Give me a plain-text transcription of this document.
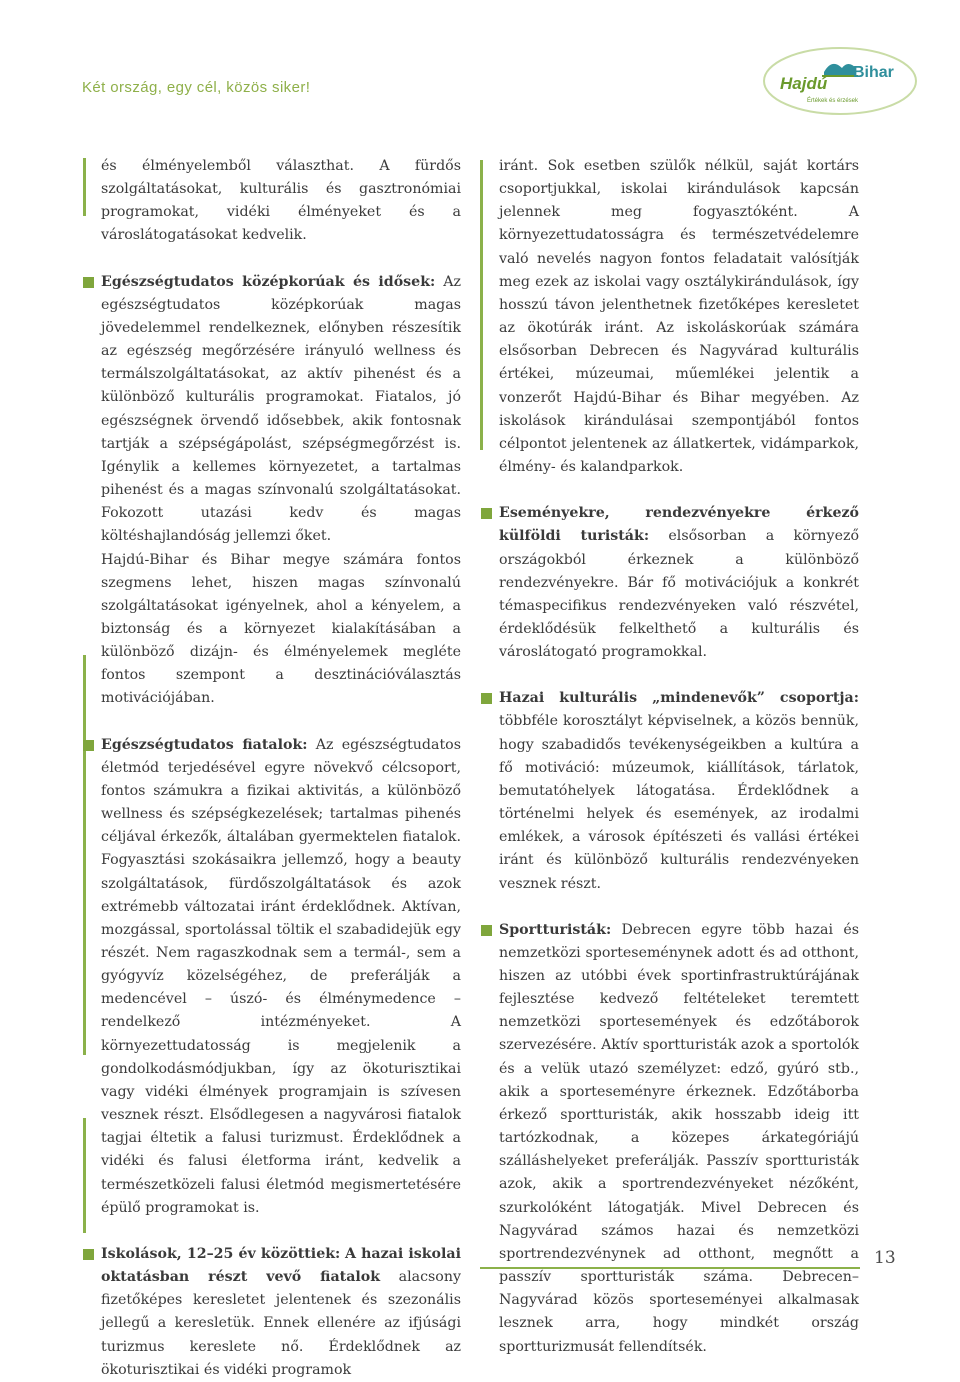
Két ország, egy cél, közös siker!	Hajdú
Bihar
Értékek és érzések

és élményelemből választhat. A fürdős szolgáltatásokat, kulturális és gasztronómiai programokat, vidéki élményeket és a városlátogatásokat kedvelik.

Egészségtudatos középkorúak és idősek: Az egészségtudatos középkorúak magas jövedelemmel rendelkeznek, előnyben részesítik az egészség megőrzésére irányuló wellness és termálszolgáltatásokat, az aktív pihenést és a különböző kulturális programokat. Fiatalos, jó egészségnek örvendő idősebbek, akik fontosnak tartják a szépségápolást, szépségmegőrzést is. Igénylik a kellemes környezetet, a tartalmas pihenést és a magas színvonalú szolgáltatásokat. Fokozott utazási kedv és magas költéshajlandóság jellemzi őket.

Hajdú-Bihar és Bihar megye számára fontos szegmens lehet, hiszen magas színvonalú szolgáltatásokat igényelnek, ahol a kényelem, a biztonság és a környezet kialakításában a különböző dizájn- és élményelemek megléte fontos szempont a desztinációválasztás motivációjában.

Egészségtudatos fiatalok: Az egészségtudatos életmód terjedésével egyre növekvő célcsoport, fontos számukra a fizikai aktivitás, a különböző wellness és szépségkezelések; tartalmas pihenés céljával érkezők, általában gyermektelen fiatalok. Fogyasztási szokásaikra jellemző, hogy a beauty szolgáltatások, fürdőszolgáltatások és azok extrémebb változatai iránt érdeklődnek. Aktívan, mozgással, sportolással töltik el szabadidejük egy részét. Nem ragaszkodnak sem a termál-, sem a gyógyvíz közelségéhez, de preferálják a medencével – úszó- és élménymedence – rendelkező intézményeket. A környezettudatosság is megjelenik a gondolkodásmódjukban, így az ökoturisztikai vagy vidéki élmények programjain is szívesen vesznek részt. Elsődlegesen a nagyvárosi fiatalok tagjai éltetik a falusi turizmust. Érdeklődnek a vidéki és falusi életforma iránt, kedvelik a természetközeli falusi életmód megismertetésére épülő programokat is.

Iskolások, 12–25 év közöttiek: A hazai iskolai oktatásban részt vevő fiatalok alacsony fizetőképes keresletet jelentenek és szezonális jellegű a keresletük. Ennek ellenére az ifjúsági turizmus kereslete nő. Érdeklődnek az ökoturisztikai és vidéki programok

iránt. Sok esetben szülők nélkül, saját kortárs csoportjukkal, iskolai kirándulások kapcsán jelennek meg fogyasztóként. A környezettudatosságra és természetvédelemre való nevelés nagyon fontos feladatait valósítják meg ezek az iskolai vagy osztálykirándulások, így hosszú távon jelenthetnek fizetőképes keresletet az ökotúrák iránt. Az iskoláskorúak számára elsősorban Debrecen és Nagyvárad kulturális értékei, múzeumai, műemlékei jelentik a vonzerőt Hajdú-Bihar és Bihar megyében. Az iskolások kirándulásai szempontjából fontos célpontot jelentenek az állatkertek, vidámparkok, élmény- és kalandparkok.

Eseményekre, rendezvényekre érkező külföldi turisták: elsősorban a környező országokból érkeznek a különböző rendezvényekre. Bár fő motivációjuk a konkrét témaspecifikus rendezvényeken való részvétel, érdeklődésük felkelthető a kulturális és városlátogató programokkal.

Hazai kulturális „mindenevők” csoportja: többféle korosztályt képviselnek, a közös bennük, hogy szabadidős tevékenységeikben a kultúra a fő motiváció: múzeumok, kiállítások, tárlatok, bemutatóhelyek látogatása. Érdeklődnek a történelmi helyek és események, az irodalmi emlékek, a városok építészeti és vallási értékei iránt és különböző kulturális rendezvényeken vesznek részt.

Sportturisták: Debrecen egyre több hazai és nemzetközi sporteseménynek adott és ad otthont, hiszen az utóbbi évek sportinfrastruktúrájának fejlesztése kedvező feltételeket teremtett nemzetközi sportesemények és edzőtáborok szervezésére. Aktív sportturisták azok a sportolók és a velük utazó személyzet: edző, gyúró stb., akik a sporteseményre érkeznek. Edzőtáborba érkező sportturisták, akik hosszabb ideig itt tartózkodnak, a közepes árkategóriájú szálláshelyeket preferálják. Passzív sportturisták azok, akik a sportrendezvényeket nézőként, szurkolóként látogatják. Mivel Debrecen és Nagyvárad számos hazai és nemzetközi sportrendezvénynek ad otthont, megnőtt a passzív sportturisták száma. Debrecen–Nagyvárad közös sporteseményei alkalmasak lesznek arra, hogy mindkét ország sportturizmusát fellendítsék.

13
